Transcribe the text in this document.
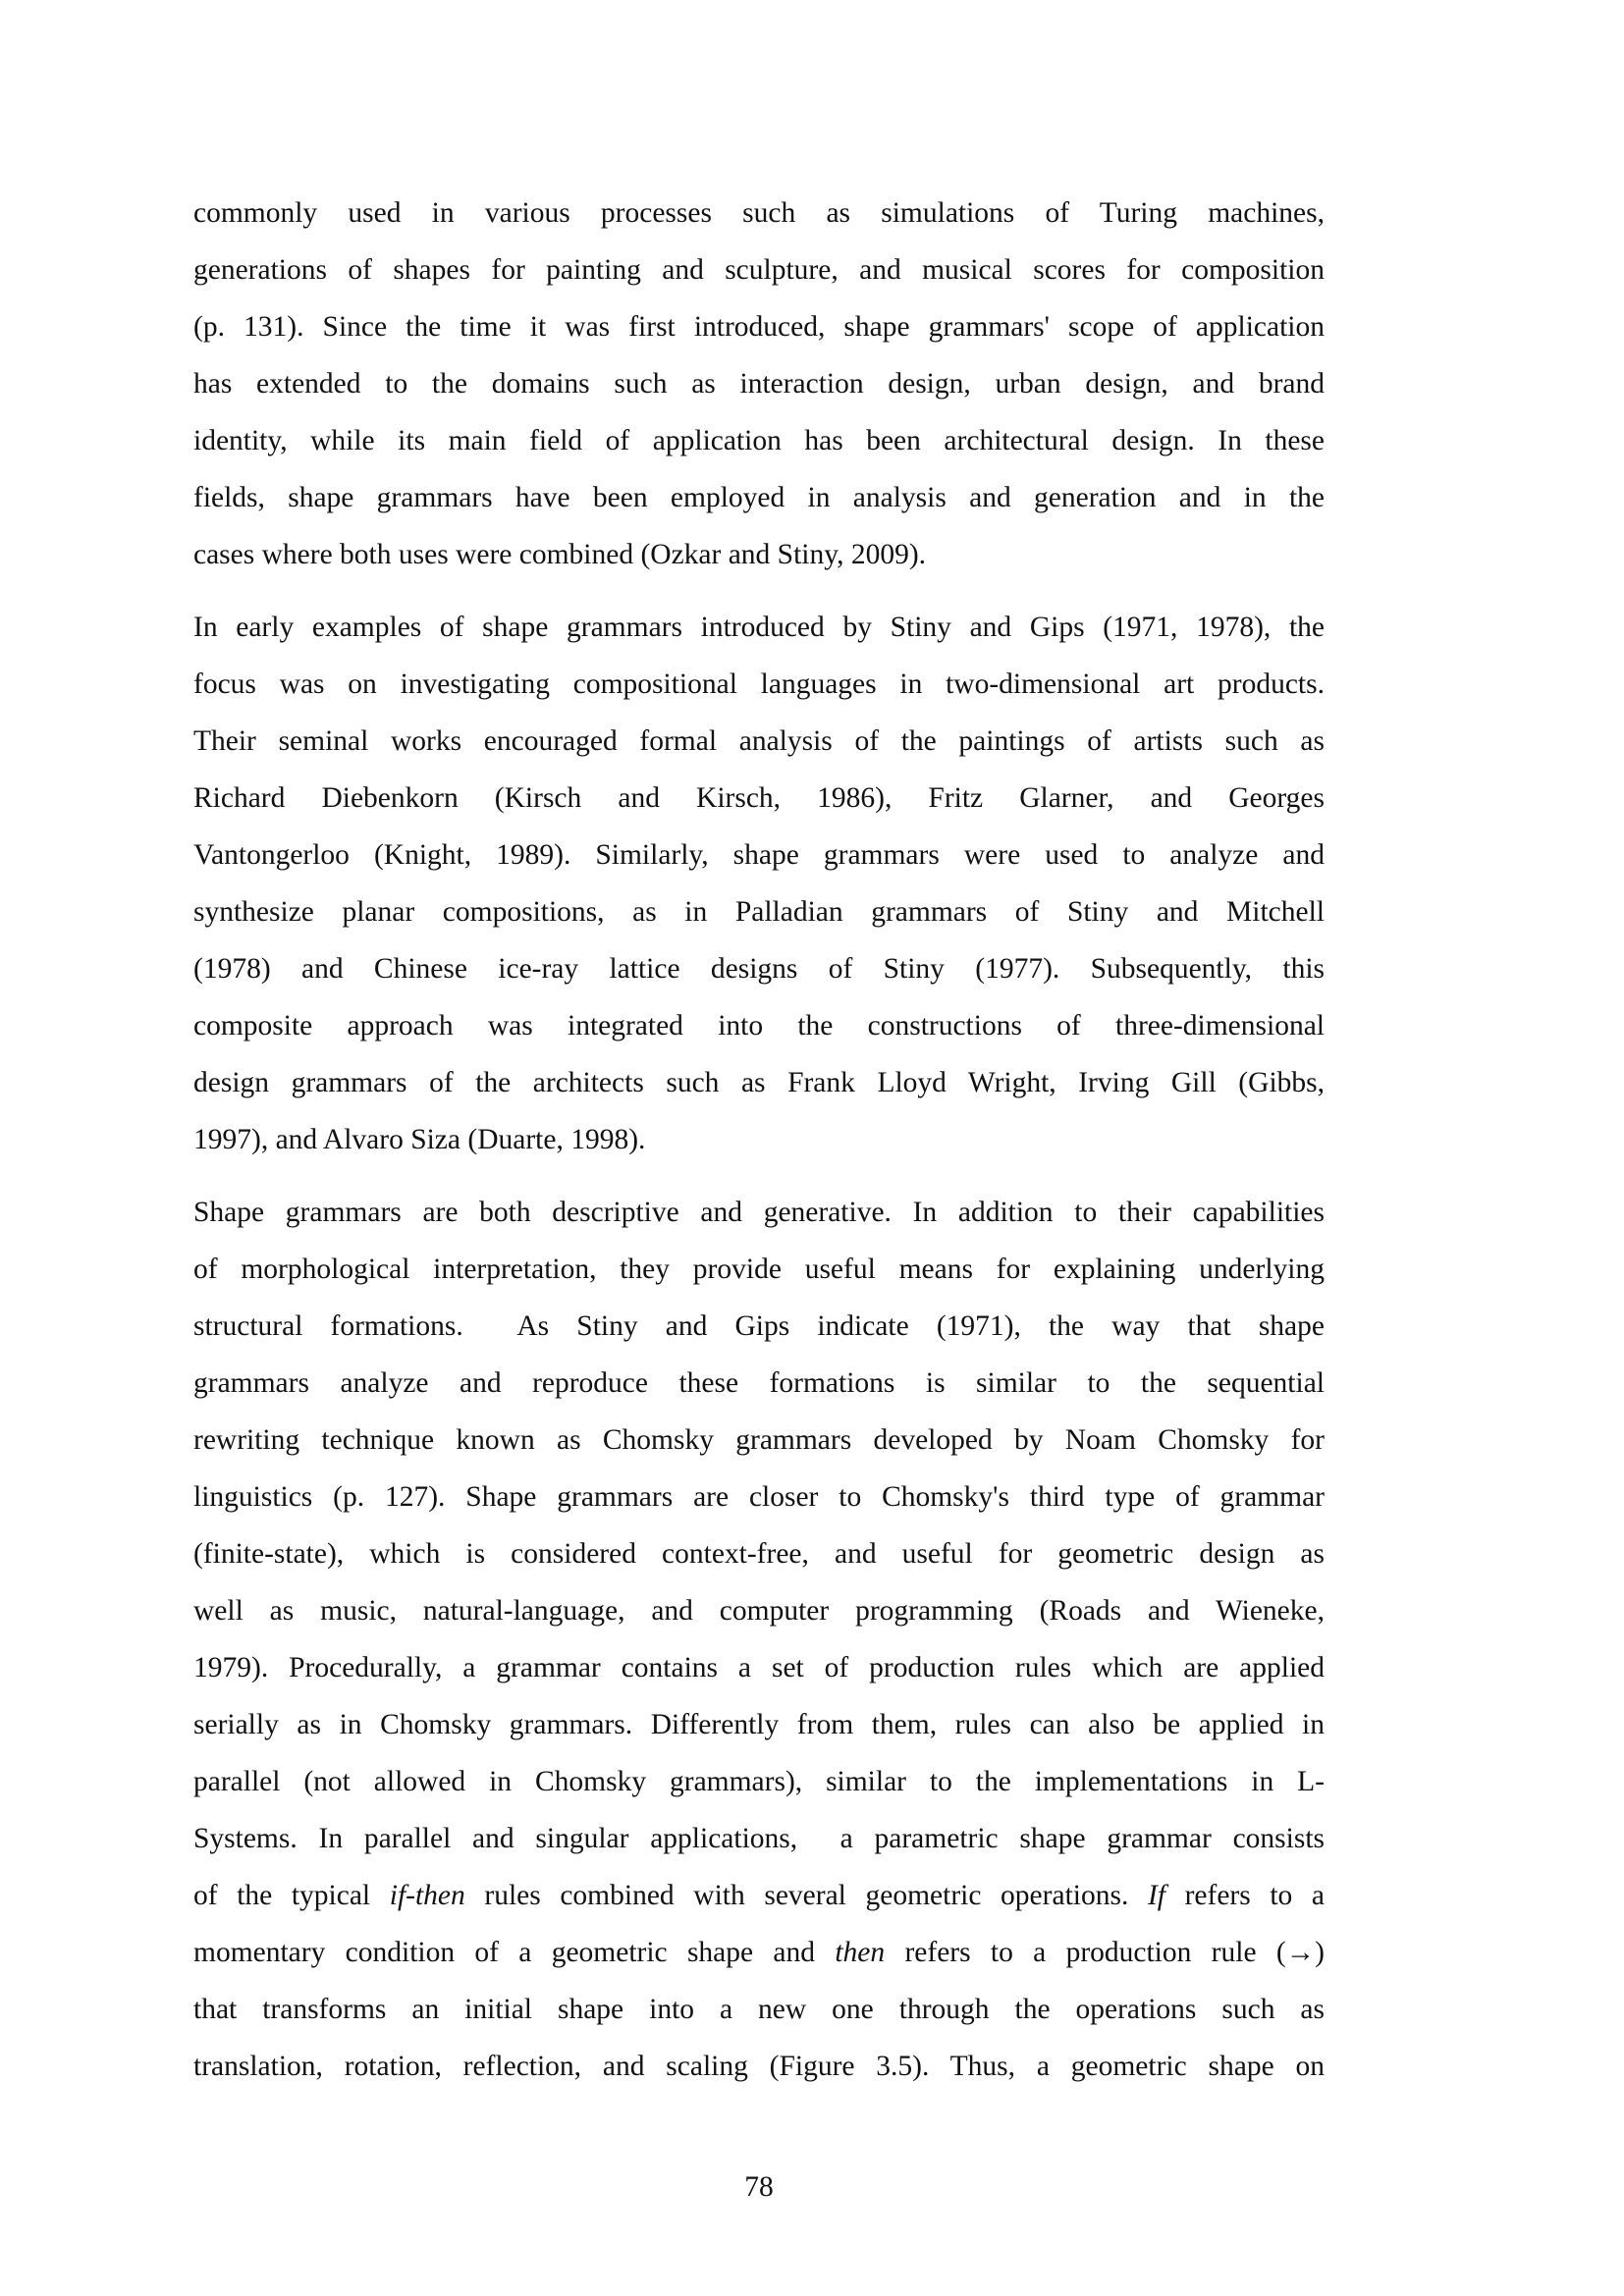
commonly used in various processes such as simulations of Turing machines,
generations of shapes for painting and sculpture, and musical scores for composition
(p. 131). Since the time it was first introduced, shape grammars' scope of application
has extended to the domains such as interaction design, urban design, and brand
identity, while its main field of application has been architectural design. In these
fields, shape grammars have been employed in analysis and generation and in the
cases where both uses were combined (Ozkar and Stiny, 2009).
In early examples of shape grammars introduced by Stiny and Gips (1971, 1978), the
focus was on investigating compositional languages in two-dimensional art products.
Their seminal works encouraged formal analysis of the paintings of artists such as
Richard Diebenkorn (Kirsch and Kirsch, 1986), Fritz Glarner, and Georges
Vantongerloo (Knight, 1989). Similarly, shape grammars were used to analyze and
synthesize planar compositions, as in Palladian grammars of Stiny and Mitchell
(1978) and Chinese ice-ray lattice designs of Stiny (1977). Subsequently, this
composite approach was integrated into the constructions of three-dimensional
design grammars of the architects such as Frank Lloyd Wright, Irving Gill (Gibbs,
1997), and Alvaro Siza (Duarte, 1998).
Shape grammars are both descriptive and generative. In addition to their capabilities
of morphological interpretation, they provide useful means for explaining underlying
structural formations.  As Stiny and Gips indicate (1971), the way that shape
grammars analyze and reproduce these formations is similar to the sequential
rewriting technique known as Chomsky grammars developed by Noam Chomsky for
linguistics (p. 127). Shape grammars are closer to Chomsky's third type of grammar
(finite-state), which is considered context-free, and useful for geometric design as
well as music, natural-language, and computer programming (Roads and Wieneke,
1979). Procedurally, a grammar contains a set of production rules which are applied
serially as in Chomsky grammars. Differently from them, rules can also be applied in
parallel (not allowed in Chomsky grammars), similar to the implementations in L-
Systems. In parallel and singular applications,  a parametric shape grammar consists
of the typical if-then rules combined with several geometric operations. If refers to a
momentary condition of a geometric shape and then refers to a production rule (→)
that transforms an initial shape into a new one through the operations such as
translation, rotation, reflection, and scaling (Figure 3.5). Thus, a geometric shape on
78
